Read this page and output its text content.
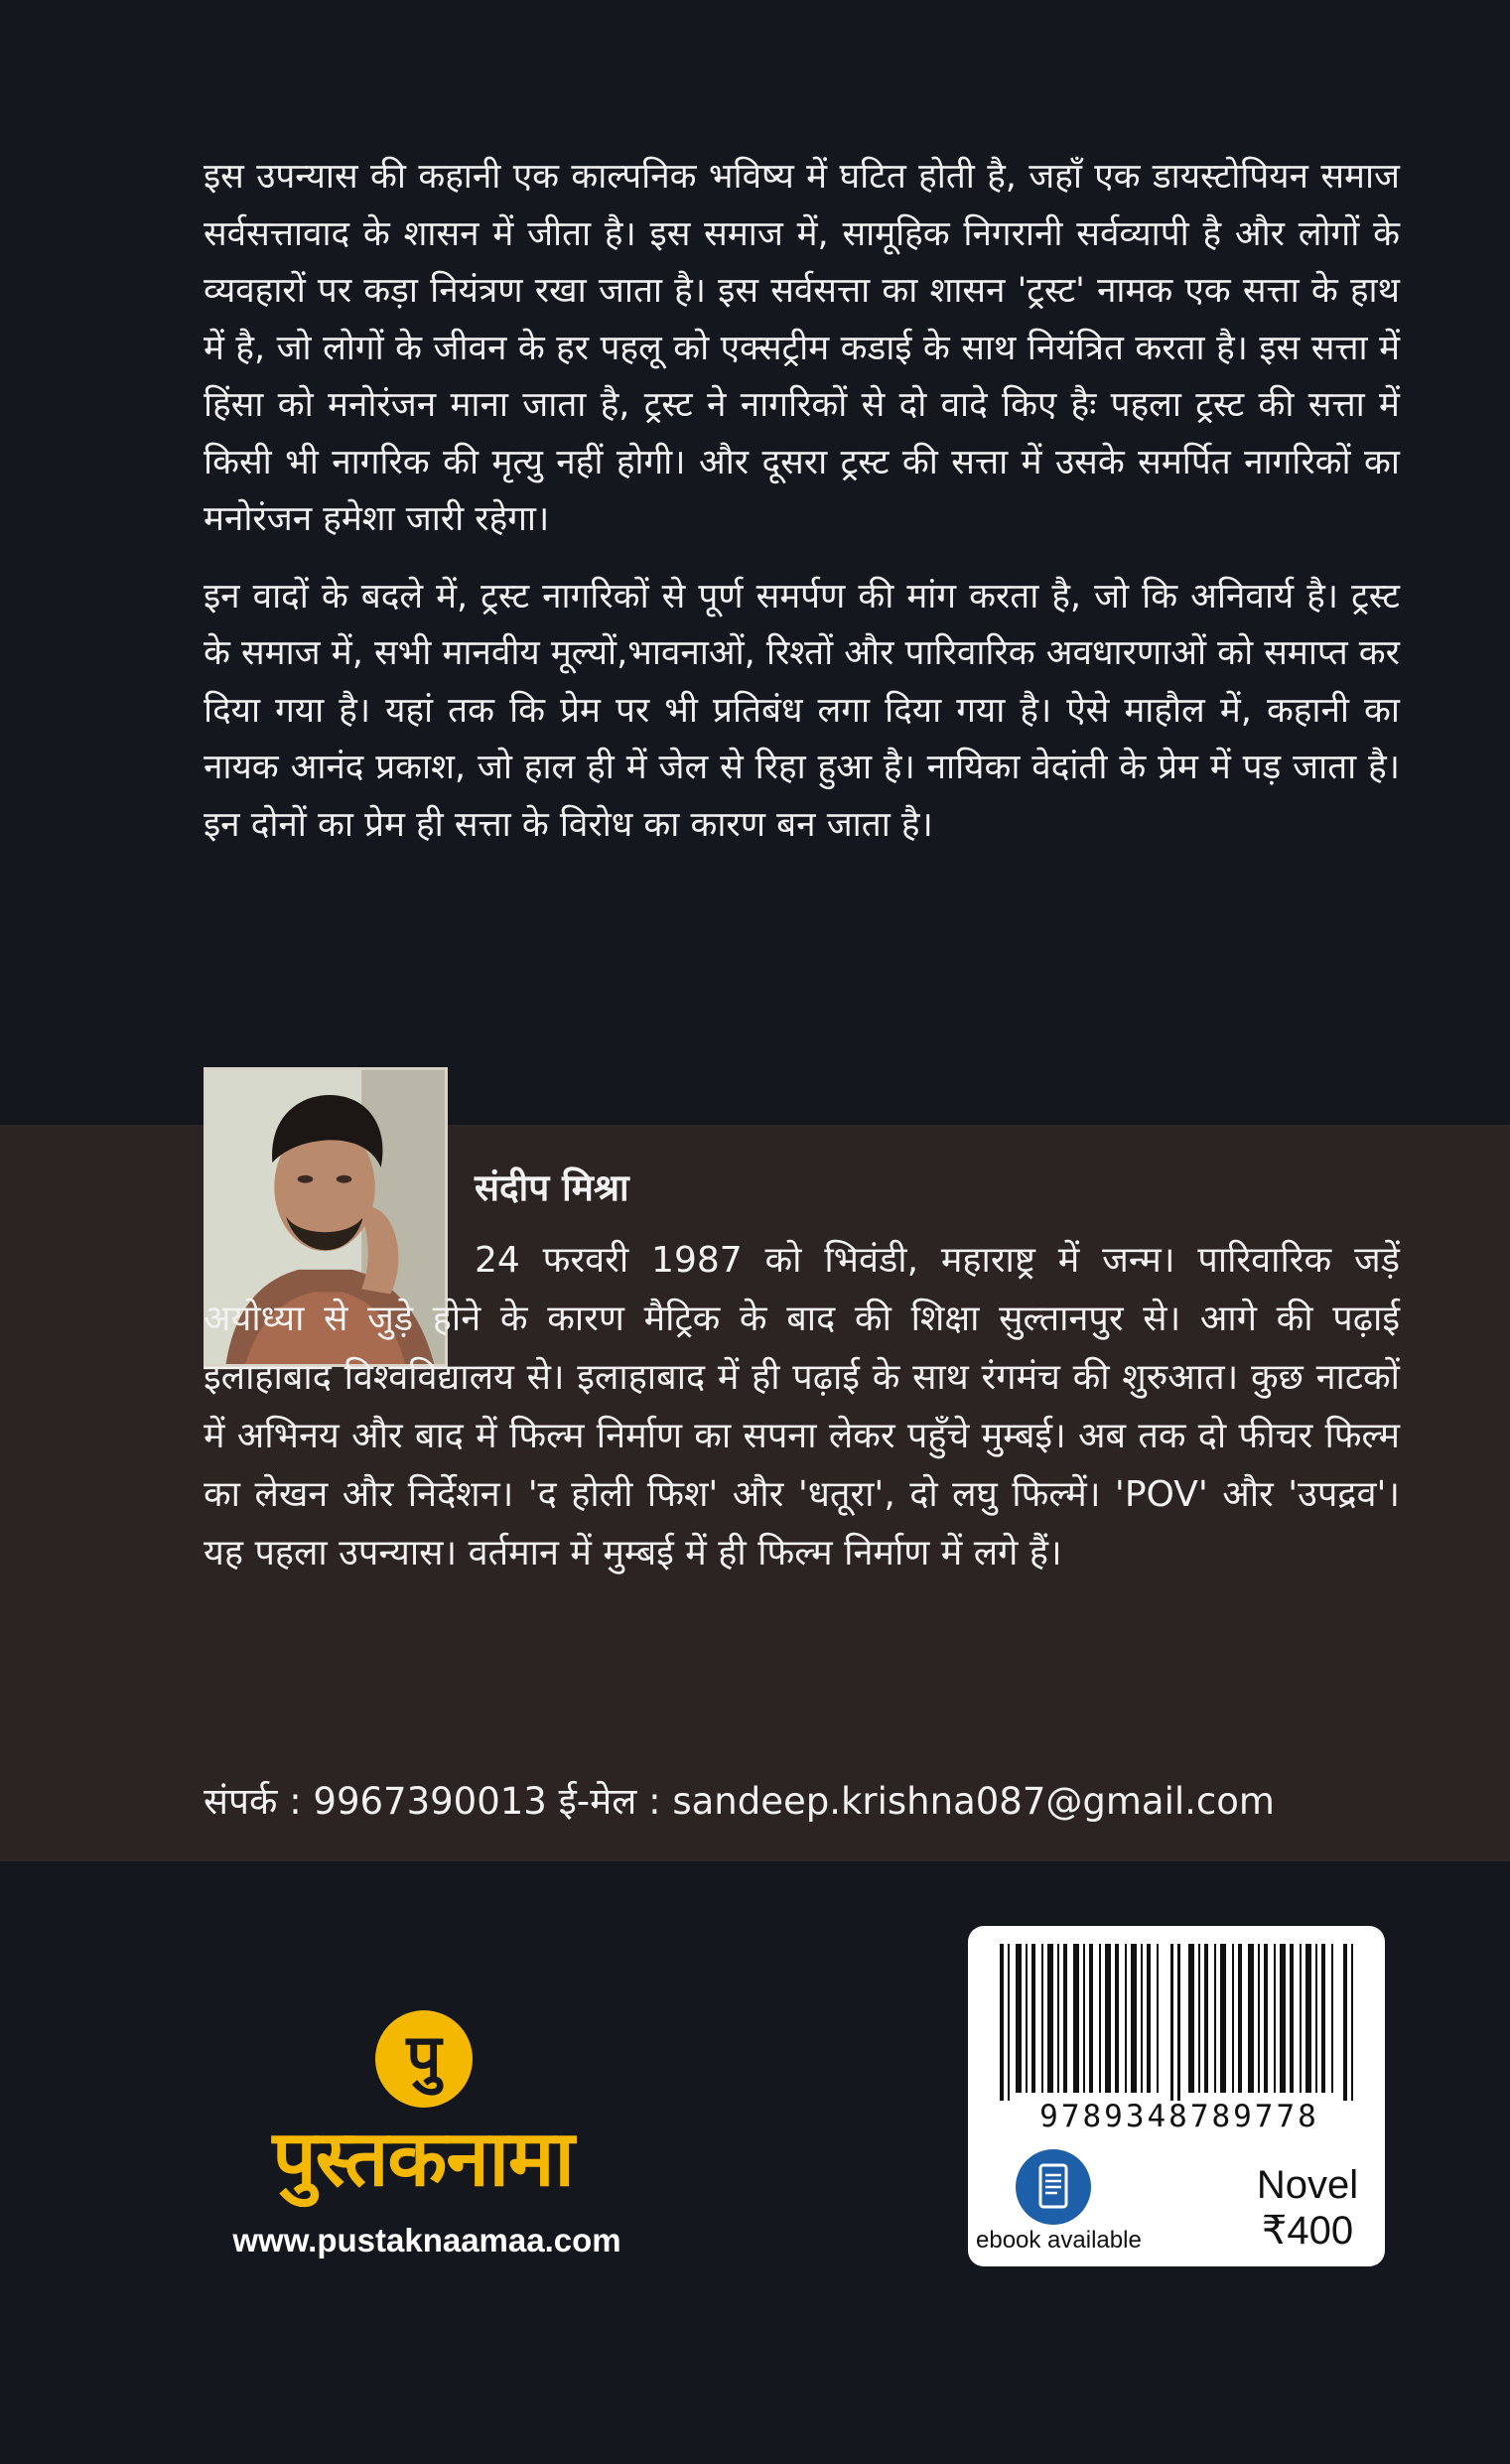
इस उपन्यास की कहानी एक काल्पनिक भविष्य में घटित होती है, जहाँ एक डायस्टोपियन समाज सर्वसत्तावाद के शासन में जीता है। इस समाज में, सामूहिक निगरानी सर्वव्यापी है और लोगों के व्यवहारों पर कड़ा नियंत्रण रखा जाता है। इस सर्वसत्ता का शासन 'ट्रस्ट' नामक एक सत्ता के हाथ में है, जो लोगों के जीवन के हर पहलू को एक्सट्रीम कडाई के साथ नियंत्रित करता है। इस सत्ता में हिंसा को मनोरंजन माना जाता है, ट्रस्ट ने नागरिकों से दो वादे किए हैः पहला ट्रस्ट की सत्ता में किसी भी नागरिक की मृत्यु नहीं होगी। और दूसरा ट्रस्ट की सत्ता में उसके समर्पित नागरिकों का मनोरंजन हमेशा जारी रहेगा।

इन वादों के बदले में, ट्रस्ट नागरिकों से पूर्ण समर्पण की मांग करता है, जो कि अनिवार्य है। ट्रस्ट के समाज में, सभी मानवीय मूल्यों,भावनाओं, रिश्तों और पारिवारिक अवधारणाओं को समाप्त कर दिया गया है। यहां तक कि प्रेम पर भी प्रतिबंध लगा दिया गया है। ऐसे माहौल में, कहानी का नायक आनंद प्रकाश, जो हाल ही में जेल से रिहा हुआ है। नायिका वेदांती के प्रेम में पड़ जाता है। इन दोनों का प्रेम ही सत्ता के विरोध का कारण बन जाता है।

संदीप मिश्रा

24 फरवरी 1987 को भिवंडी, महाराष्ट्र में जन्म। पारिवारिक जड़ें अयोध्या से जुड़े होने के कारण मैट्रिक के बाद की शिक्षा सुल्तानपुर से। आगे की पढ़ाई इलाहाबाद विश्वविद्यालय से। इलाहाबाद में ही पढ़ाई के साथ रंगमंच की शुरुआत। कुछ नाटकों में अभिनय और बाद में फिल्म निर्माण का सपना लेकर पहुँचे मुम्बई। अब तक दो फीचर फिल्म का लेखन और निर्देशन। 'द होली फिश' और 'धतूरा', दो लघु फिल्में। 'POV' और 'उपद्रव'। यह पहला उपन्यास। वर्तमान में मुम्बई में ही फिल्म निर्माण में लगे हैं।

संपर्क : 9967390013 ई-मेल : sandeep.krishna087@gmail.com

पु

पुस्तकनामा

www.pustaknaamaa.com

9789348789778

ebook available

Novel

₹400
